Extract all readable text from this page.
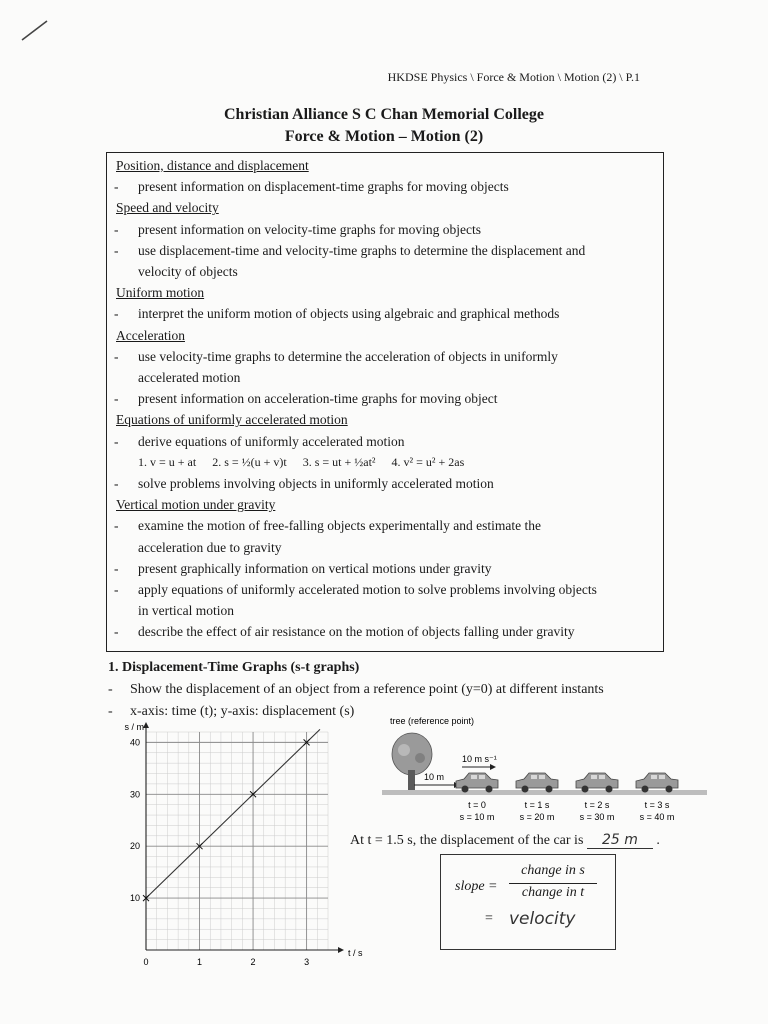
HKDSE Physics \ Force & Motion \ Motion (2) \ P.1
Christian Alliance S C Chan Memorial College
Force & Motion – Motion (2)
Position, distance and displacement
- present information on displacement-time graphs for moving objects
Speed and velocity
- present information on velocity-time graphs for moving objects
- use displacement-time and velocity-time graphs to determine the displacement and
velocity of objects
Uniform motion
- interpret the uniform motion of objects using algebraic and graphical methods
Acceleration
- use velocity-time graphs to determine the acceleration of objects in uniformly
accelerated motion
- present information on acceleration-time graphs for moving object
Equations of uniformly accelerated motion
- derive equations of uniformly accelerated motion
1. v = u + at 2. s = ½(u + v)t 3. s = ut + ½at² 4. v² = u² + 2as
- solve problems involving objects in uniformly accelerated motion
Vertical motion under gravity
- examine the motion of free-falling objects experimentally and estimate the
acceleration due to gravity
- present graphically information on vertical motions under gravity
- apply equations of uniformly accelerated motion to solve problems involving objects
in vertical motion
- describe the effect of air resistance on the motion of objects falling under gravity
1. Displacement-Time Graphs (s-t graphs)
- Show the displacement of an object from a reference point (y=0) at different instants
- x-axis: time (t); y-axis: displacement (s)
10
20
30
40
0	1	2	3
s / m
t / s
tree (reference point)
10 m s⁻¹
10 m
t = 0
s = 10 m
t = 1 s
s = 20 m
t = 2 s
s = 30 m
t = 3 s
s = 40 m
At t = 1.5 s, the displacement of the car is 25 m .
slope =
change in s
change in t
= velocity
